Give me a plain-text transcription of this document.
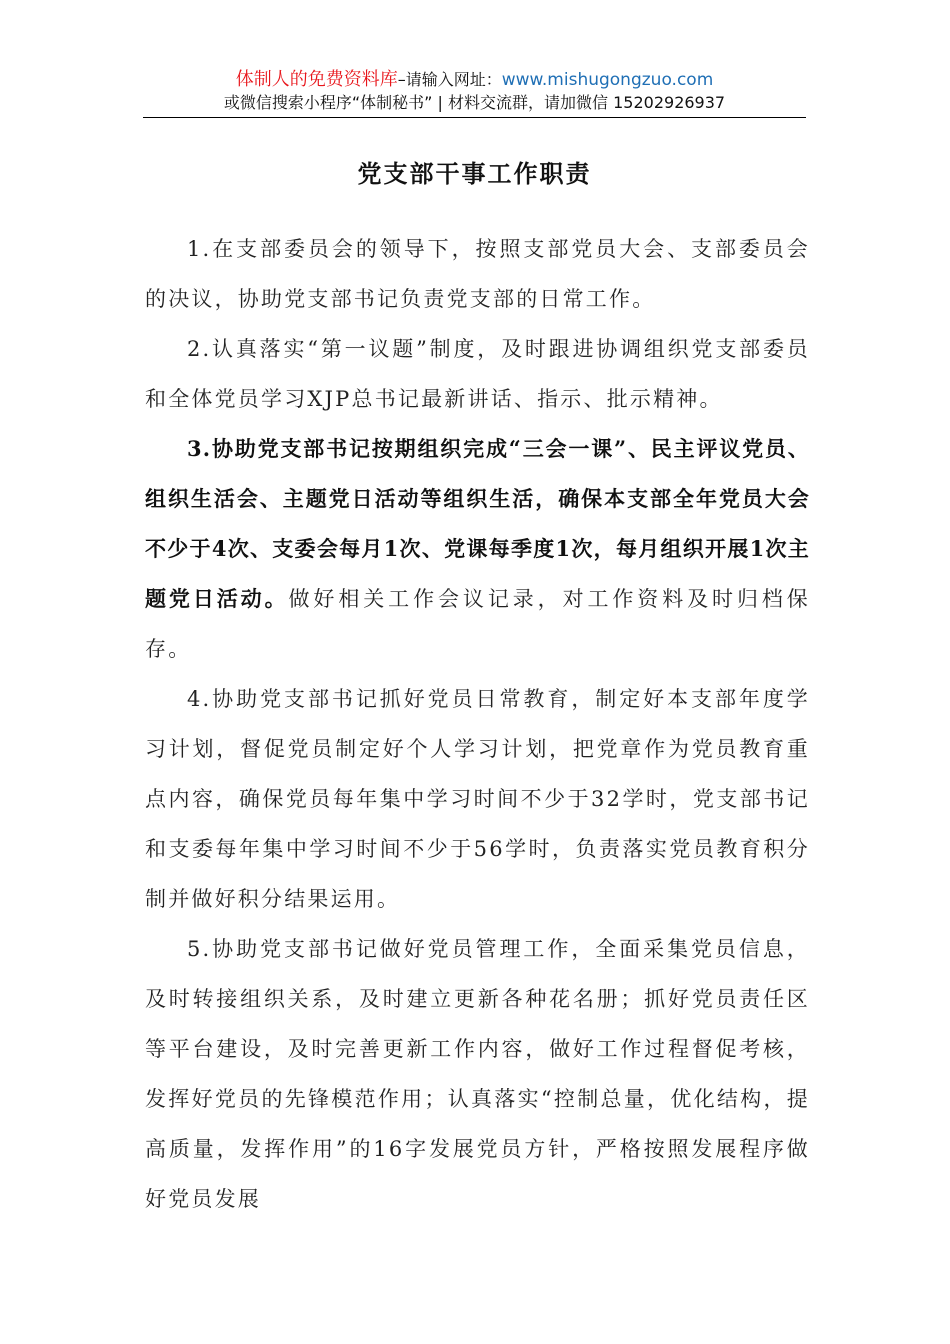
体制人的免费资料库–请输入网址：www.mishugongzuo.com
或微信搜索小程序“体制秘书” | 材料交流群，请加微信 15202926937
党支部干事工作职责

1.在支部委员会的领导下，按照支部党员大会、支部委员会的决议，协助党支部书记负责党支部的日常工作。

2.认真落实“第一议题”制度，及时跟进协调组织党支部委员和全体党员学习XJP总书记最新讲话、指示、批示精神。

3.协助党支部书记按期组织完成“三会一课”、民主评议党员、组织生活会、主题党日活动等组织生活，确保本支部全年党员大会不少于4次、支委会每月1次、党课每季度1次，每月组织开展1次主题党日活动。做好相关工作会议记录，对工作资料及时归档保存。

4.协助党支部书记抓好党员日常教育，制定好本支部年度学习计划，督促党员制定好个人学习计划，把党章作为党员教育重点内容，确保党员每年集中学习时间不少于32学时，党支部书记和支委每年集中学习时间不少于56学时，负责落实党员教育积分制并做好积分结果运用。

5.协助党支部书记做好党员管理工作，全面采集党员信息，及时转接组织关系，及时建立更新各种花名册；抓好党员责任区等平台建设，及时完善更新工作内容，做好工作过程督促考核，发挥好党员的先锋模范作用；认真落实“控制总量，优化结构，提高质量，发挥作用”的16字发展党员方针，严格按照发展程序做好党员发展
